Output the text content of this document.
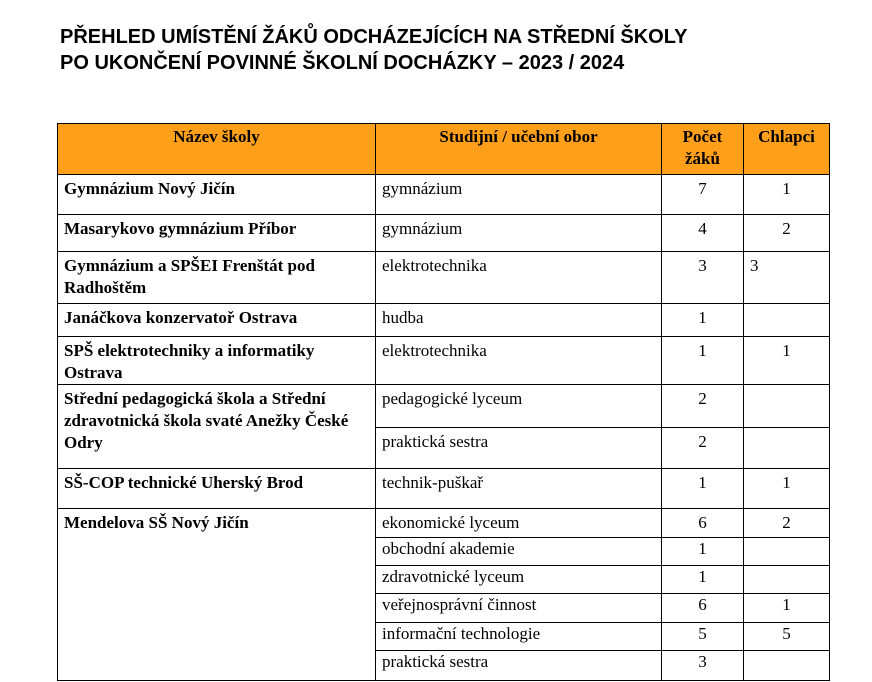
PŘEHLED UMÍSTĚNÍ ŽÁKŮ ODCHÁZEJÍCÍCH NA STŘEDNÍ ŠKOLY
PO UKONČENÍ POVINNÉ ŠKOLNÍ DOCHÁZKY – 2023 / 2024
Název školy	Studijní / učební obor	Počet žáků	Chlapci
Gymnázium Nový Jičín	gymnázium	7	1
Masarykovo gymnázium Příbor	gymnázium	4	2
Gymnázium a SPŠEI Frenštát pod Radhoštěm	elektrotechnika	3	3
Janáčkova konzervatoř Ostrava	hudba	1	
SPŠ elektrotechniky a informatiky Ostrava	elektrotechnika	1	1
Střední pedagogická škola a Střední zdravotnická škola svaté Anežky České Odry	pedagogické lyceum	2	
	praktická sestra	2	
SŠ-COP technické Uherský Brod	technik-puškař	1	1
Mendelova SŠ Nový Jičín	ekonomické lyceum	6	2
	obchodní akademie	1	
	zdravotnické lyceum	1	
	veřejnosprávní činnost	6	1
	informační technologie	5	5
	praktická sestra	3	
